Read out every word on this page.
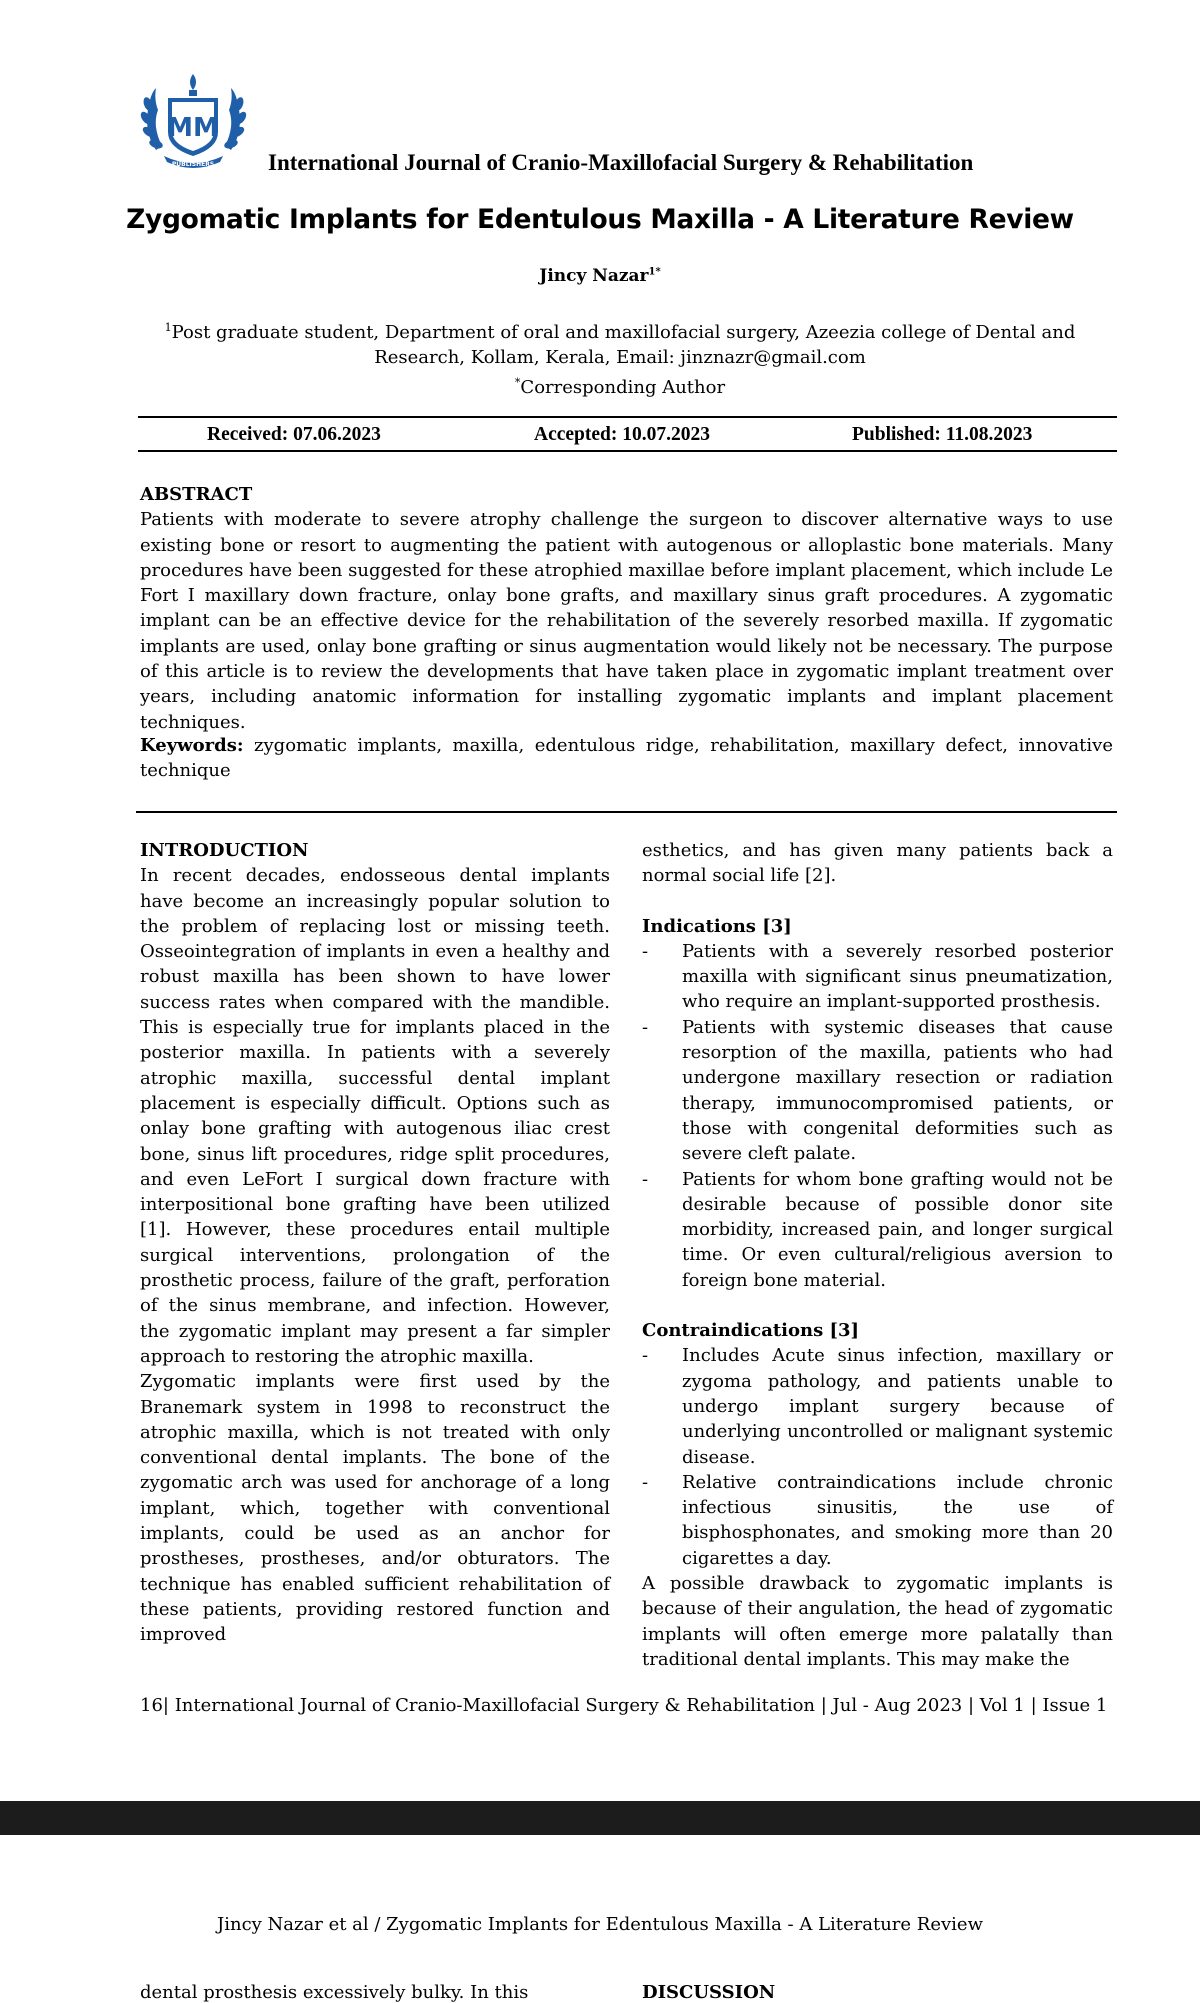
MM
PUBLISHERS International Journal of Cranio-Maxillofacial Surgery & Rehabilitation
Zygomatic Implants for Edentulous Maxilla - A Literature Review
Jincy Nazar$^{1*}$
$^1$Post graduate student, Department of oral and maxillofacial surgery, Azeezia college of Dental and Research, Kollam, Kerala, Email: jinznazr@gmail.com
*Corresponding Author
Received: 07.06.2023	Accepted: 10.07.2023	Published: 11.08.2023
ABSTRACT
Patients with moderate to severe atrophy challenge the surgeon to discover alternative ways to use existing bone or resort to augmenting the patient with autogenous or alloplastic bone materials. Many procedures have been suggested for these atrophied maxillae before implant placement, which include Le Fort I maxillary down fracture, onlay bone grafts, and maxillary sinus graft procedures. A zygomatic implant can be an effective device for the rehabilitation of the severely resorbed maxilla. If zygomatic implants are used, onlay bone grafting or sinus augmentation would likely not be necessary. The purpose of this article is to review the developments that have taken place in zygomatic implant treatment over years, including anatomic information for installing zygomatic implants and implant placement techniques.
Keywords: zygomatic implants, maxilla, edentulous ridge, rehabilitation, maxillary defect, innovative technique

INTRODUCTION

In recent decades, endosseous dental implants have become an increasingly popular solution to the problem of replacing lost or missing teeth. Osseointegration of implants in even a healthy and robust maxilla has been shown to have lower success rates when compared with the mandible. This is especially true for implants placed in the posterior maxilla. In patients with a severely atrophic maxilla, successful dental implant placement is especially difficult. Options such as onlay bone grafting with autogenous iliac crest bone, sinus lift procedures, ridge split procedures, and even LeFort I surgical down fracture with interpositional bone grafting have been utilized [1]. However, these procedures entail multiple surgical interventions, prolongation of the prosthetic process, failure of the graft, perforation of the sinus membrane, and infection. However, the zygomatic implant may present a far simpler approach to restoring the atrophic maxilla.

Zygomatic implants were first used by the Branemark system in 1998 to reconstruct the atrophic maxilla, which is not treated with only conventional dental implants. The bone of the zygomatic arch was used for anchorage of a long implant, which, together with conventional implants, could be used as an anchor for prostheses, prostheses, and/or obturators. The technique has enabled sufficient rehabilitation of these patients, providing restored function and improved

esthetics, and has given many patients back a normal social life [2].

Indications [3]

- Patients with a severely resorbed posterior maxilla with significant sinus pneumatization, who require an implant-supported prosthesis.
- Patients with systemic diseases that cause resorption of the maxilla, patients who had undergone maxillary resection or radiation therapy, immunocompromised patients, or those with congenital deformities such as severe cleft palate.
- Patients for whom bone grafting would not be desirable because of possible donor site morbidity, increased pain, and longer surgical time. Or even cultural/religious aversion to foreign bone material.

Contraindications [3]

- Includes Acute sinus infection, maxillary or zygoma pathology, and patients unable to undergo implant surgery because of underlying uncontrolled or malignant systemic disease.
- Relative contraindications include chronic infectious sinusitis, the use of bisphosphonates, and smoking more than 20 cigarettes a day.

A possible drawback to zygomatic implants is because of their angulation, the head of zygomatic implants will often emerge more palatally than traditional dental implants. This may make the

16| International Journal of Cranio-Maxillofacial Surgery & Rehabilitation | Jul - Aug 2023 | Vol 1 | Issue 1
Jincy Nazar et al / Zygomatic Implants for Edentulous Maxilla - A Literature Review
dental prosthesis excessively bulky. In this	DISCUSSION
